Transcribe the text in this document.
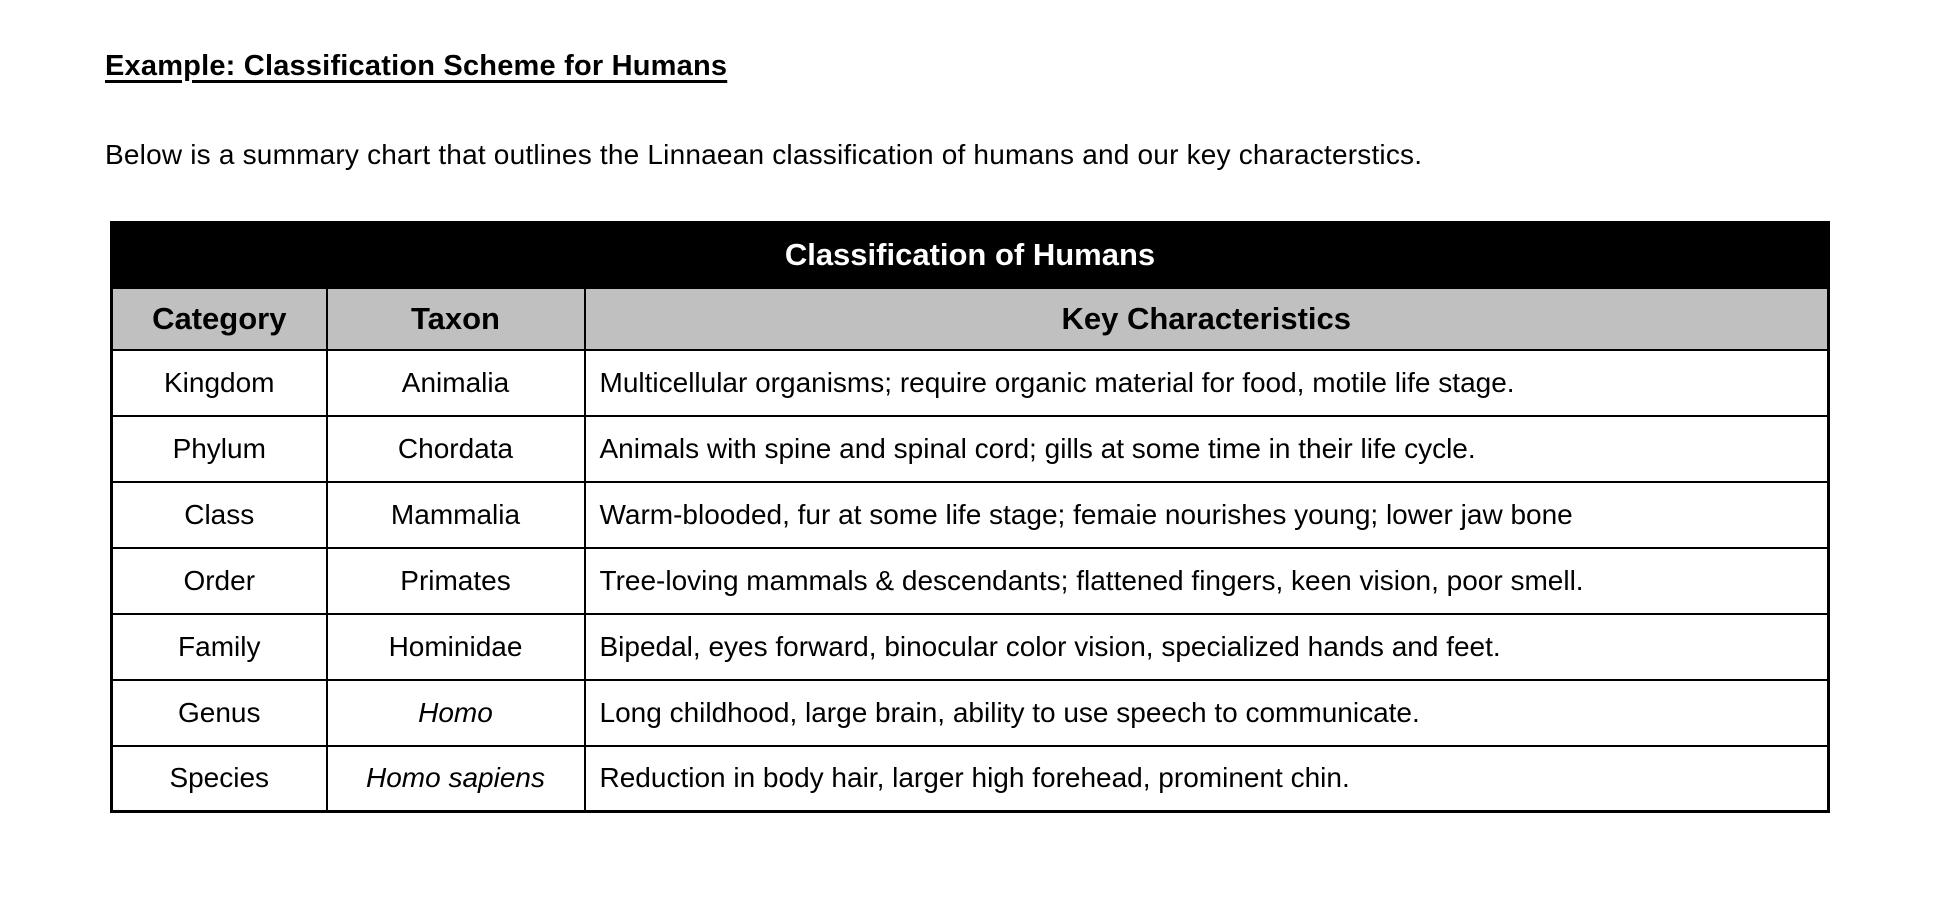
Example: Classification Scheme for Humans

Below is a summary chart that outlines the Linnaean classification of humans and our key characterstics.

Classification of Humans		
Category	Taxon	Key Characteristics
Kingdom	Animalia	Multicellular organisms; require organic material for food, motile life stage.
Phylum	Chordata	Animals with spine and spinal cord; gills at some time in their life cycle.
Class	Mammalia	Warm-blooded, fur at some life stage; femaie nourishes young; lower jaw bone
Order	Primates	Tree-loving mammals & descendants; flattened fingers, keen vision, poor smell.
Family	Hominidae	Bipedal, eyes forward, binocular color vision, specialized hands and feet.
Genus	Homo	Long childhood, large brain, ability to use speech to communicate.
Species	Homo sapiens	Reduction in body hair, larger high forehead, prominent chin.
